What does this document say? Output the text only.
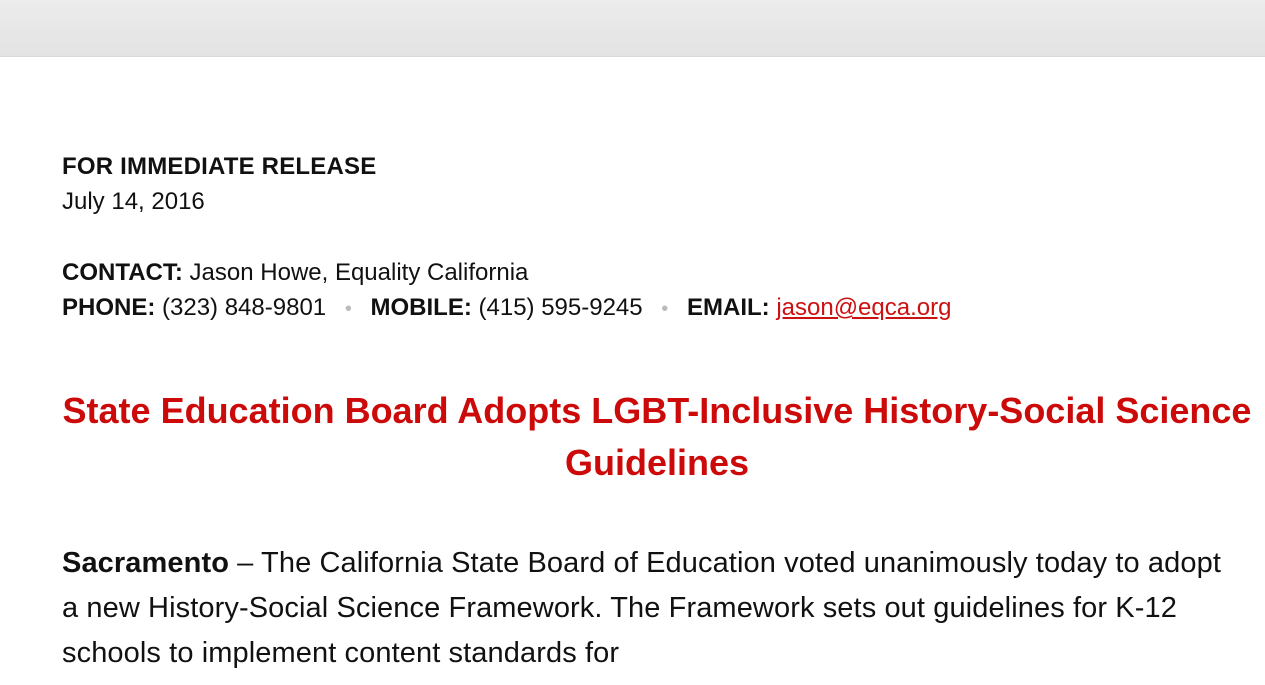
FOR IMMEDIATE RELEASE
July 14, 2016
CONTACT: Jason Howe, Equality California
PHONE: (323) 848-9801 • MOBILE: (415) 595-9245 • EMAIL: jason@eqca.org
State Education Board Adopts LGBT-Inclusive History-Social Science Guidelines
Sacramento – The California State Board of Education voted unanimously today to adopt a new History-Social Science Framework. The Framework sets out guidelines for K-12 schools to implement content standards for
